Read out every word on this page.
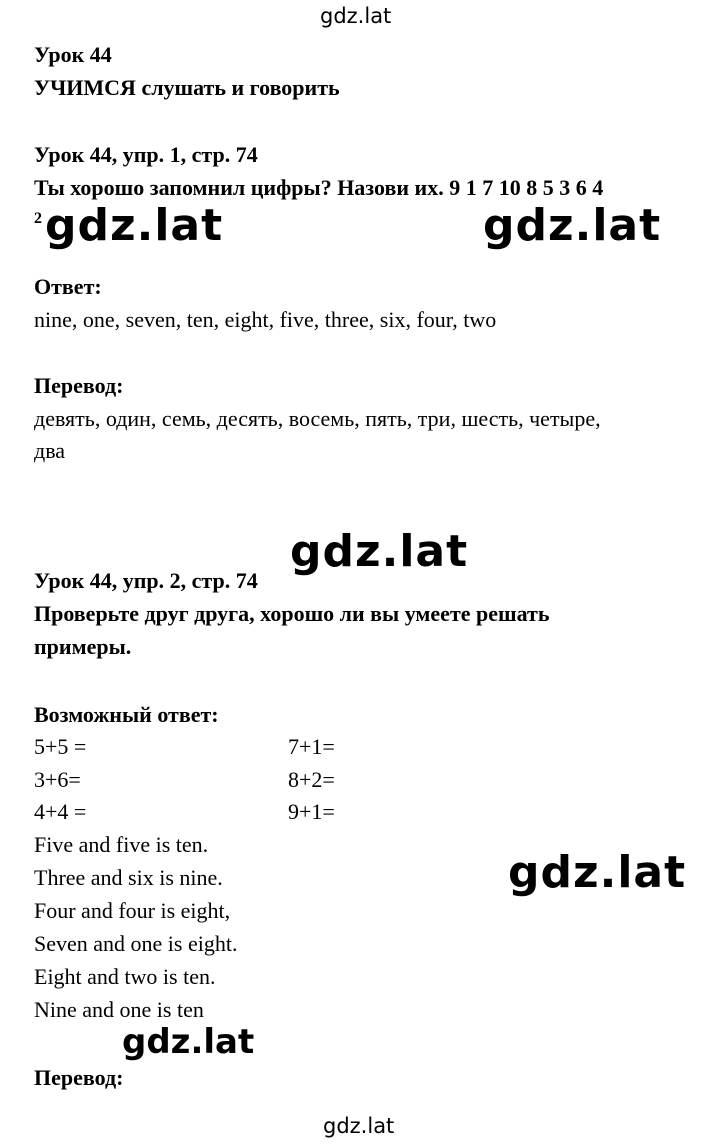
gdz.lat
Урок 44
УЧИМСЯ слушать и говорить
Урок 44, упр. 1, стр. 74
Ты хорошо запомнил цифры? Назови их. 9 1 7 10 8 5 3 6 4
2 gdz.lat	gdz.lat
Ответ:
nine, one, seven, ten, eight, five, three, six, four, two
Перевод:
девять, один, семь, десять, восемь, пять, три, шесть, четыре,
два
gdz.lat
Урок 44, упр. 2, стр. 74
Проверьте друг друга, хорошо ли вы умеете решать
примеры.
Возможный ответ:
5+5 =
3+6=
4+4 =
7+1=
8+2=
9+1=
Five and five is ten.
Three and six is nine.
Four and four is eight,
Seven and one is eight.
Eight and two is ten.
Nine and one is ten
gdz.lat
gdz.lat
Перевод:
gdz.lat
